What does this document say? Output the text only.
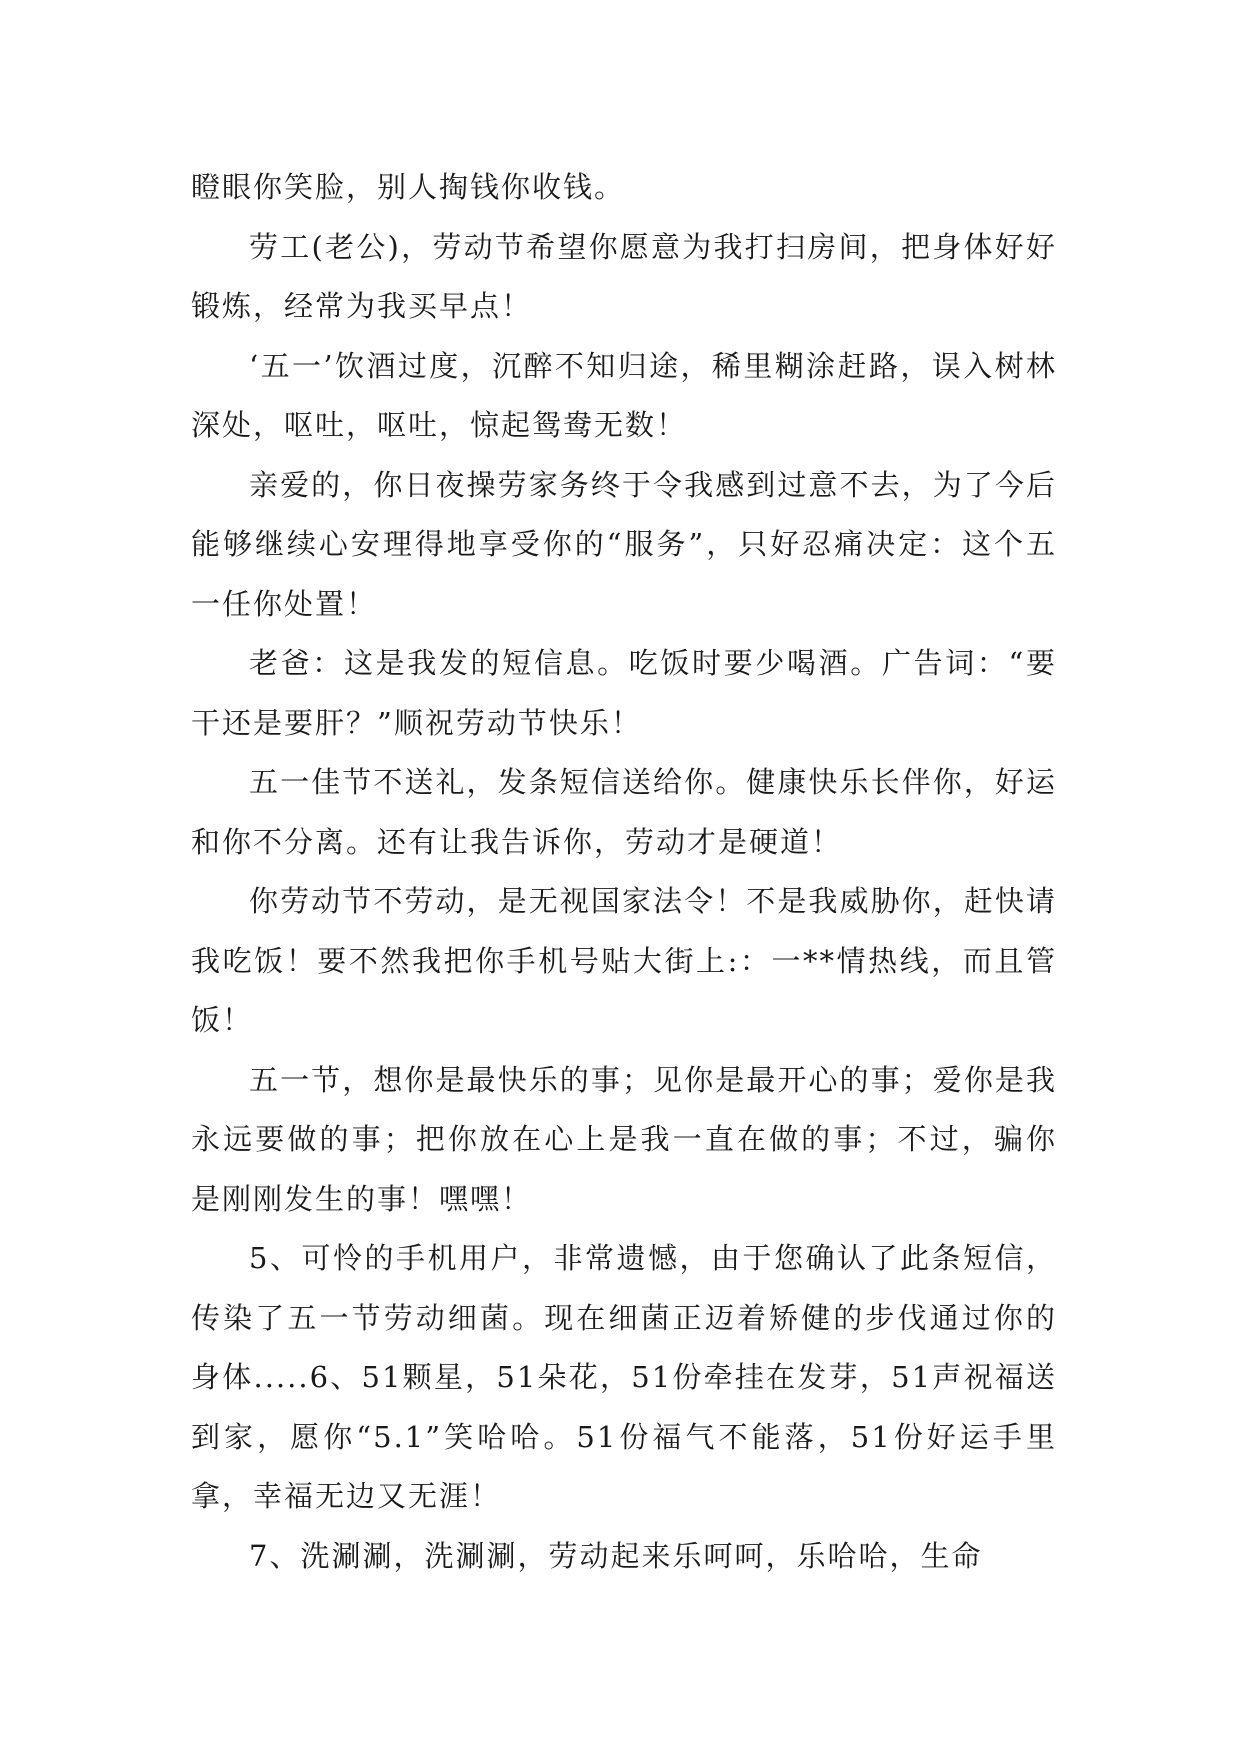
瞪眼你笑脸，别人掏钱你收钱。

劳工(老公)，劳动节希望你愿意为我打扫房间，把身体好好锻炼，经常为我买早点！

‘五一’饮酒过度，沉醉不知归途，稀里糊涂赶路，误入树林深处，呕吐，呕吐，惊起鸳鸯无数！

亲爱的，你日夜操劳家务终于令我感到过意不去，为了今后能够继续心安理得地享受你的“服务”，只好忍痛决定：这个五一任你处置！

老爸：这是我发的短信息。吃饭时要少喝酒。广告词：“要干还是要肝？”顺祝劳动节快乐！

五一佳节不送礼，发条短信送给你。健康快乐长伴你，好运和你不分离。还有让我告诉你，劳动才是硬道！

你劳动节不劳动，是无视国家法令！不是我威胁你，赶快请我吃饭！要不然我把你手机号贴大街上:：一**情热线，而且管饭！

五一节，想你是最快乐的事；见你是最开心的事；爱你是我永远要做的事；把你放在心上是我一直在做的事；不过，骗你是刚刚发生的事！嘿嘿！

5、可怜的手机用户，非常遗憾，由于您确认了此条短信，传染了五一节劳动细菌。现在细菌正迈着矫健的步伐通过你的身体.....6、51颗星，51朵花，51份牵挂在发芽，51声祝福送到家，愿你“5.1”笑哈哈。51份福气不能落，51份好运手里拿，幸福无边又无涯！

7、洗涮涮，洗涮涮，劳动起来乐呵呵，乐哈哈，生命
